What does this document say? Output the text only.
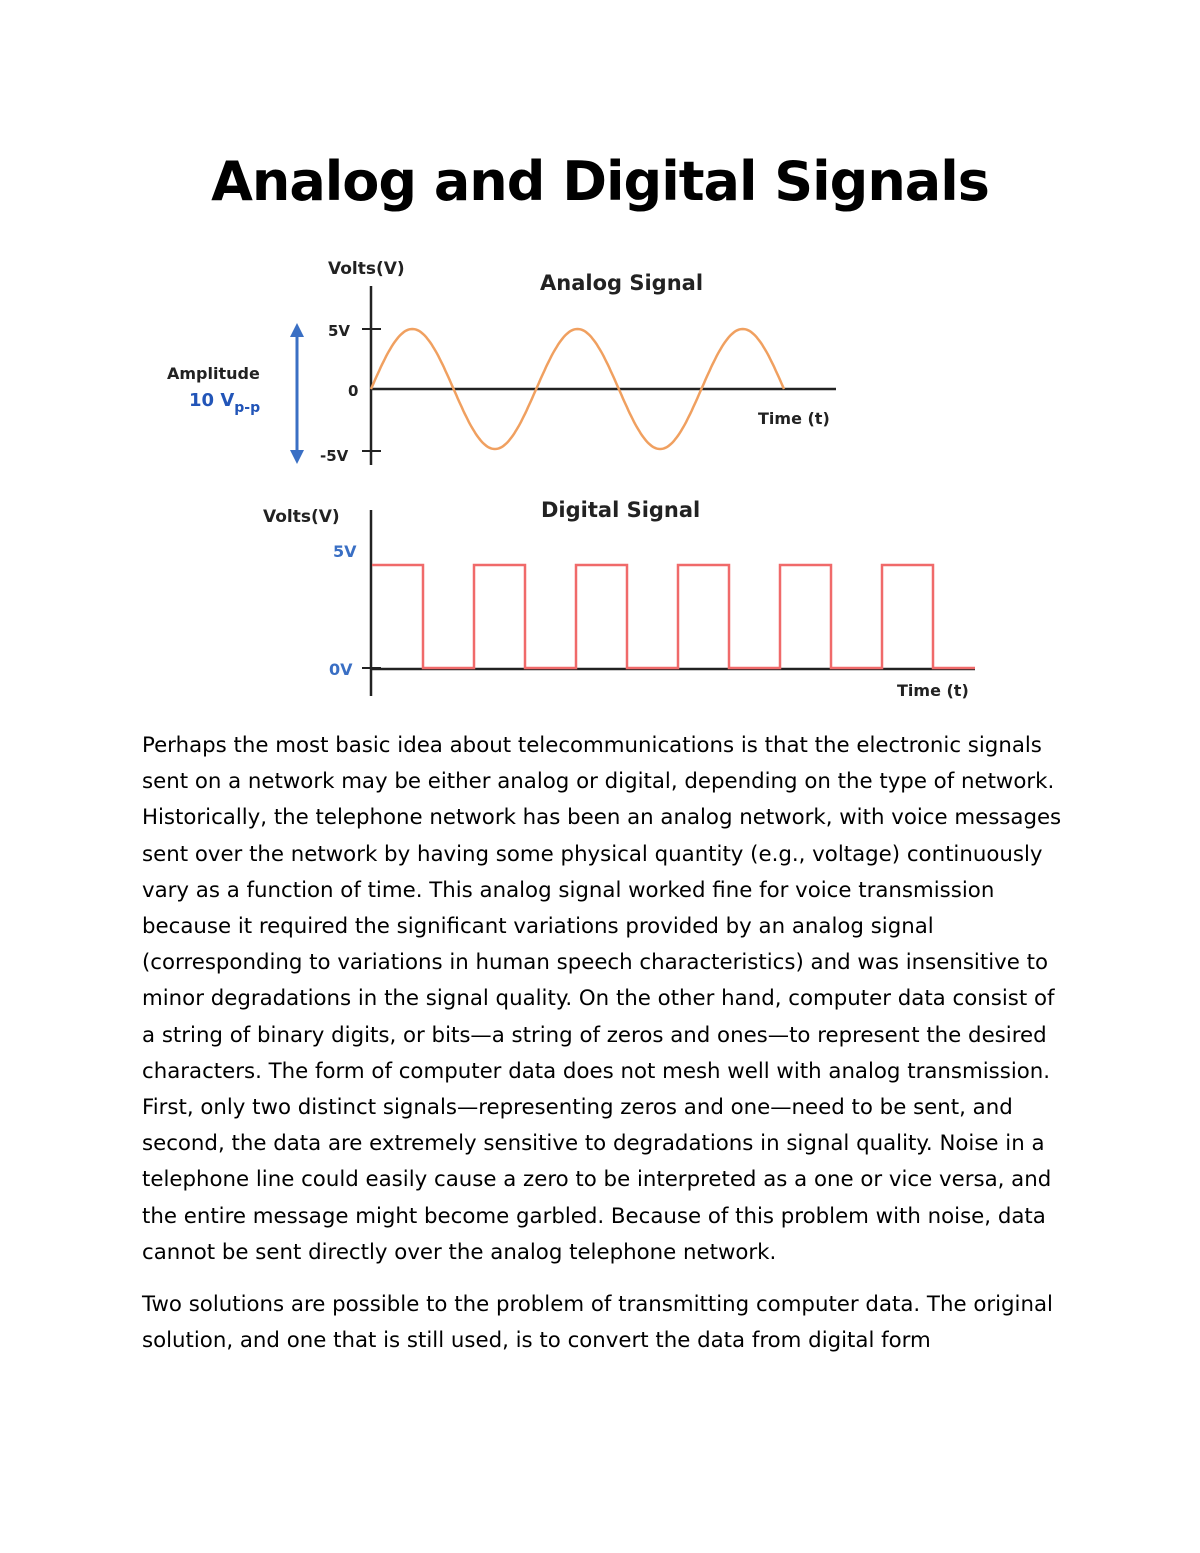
Analog and Digital Signals
Volts(V)
Analog Signal
5V
0
-5V
Time (t)
Amplitude
10 $V_{p-p}$
Volts(V)	Digital Signal
5V
0V
Time (t)

Perhaps the most basic idea about telecommunications is that the electronic signals sent on a network may be either analog or digital, depending on the type of network. Historically, the telephone network has been an analog network, with voice messages sent over the network by having some physical quantity (e.g., voltage) continuously vary as a function of time. This analog signal worked fine for voice transmission because it required the significant variations provided by an analog signal (corresponding to variations in human speech characteristics) and was insensitive to minor degradations in the signal quality. On the other hand, computer data consist of a string of binary digits, or bits—a string of zeros and ones—to represent the desired characters. The form of computer data does not mesh well with analog transmission. First, only two distinct signals—representing zeros and one—need to be sent, and second, the data are extremely sensitive to degradations in signal quality. Noise in a telephone line could easily cause a zero to be interpreted as a one or vice versa, and the entire message might become garbled. Because of this problem with noise, data cannot be sent directly over the analog telephone network.

Two solutions are possible to the problem of transmitting computer data. The original solution, and one that is still used, is to convert the data from digital form
